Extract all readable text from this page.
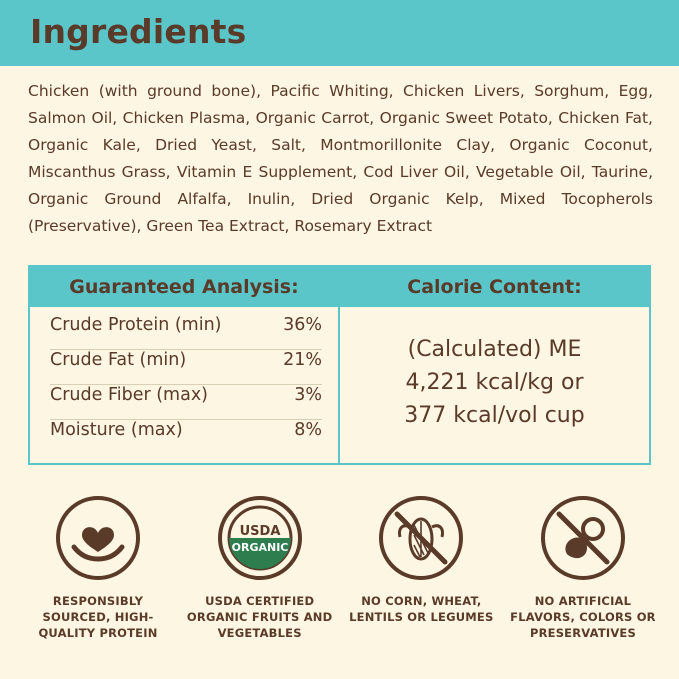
Ingredients
Chicken (with ground bone), Pacific Whiting, Chicken Livers, Sorghum, Egg, Salmon Oil, Chicken Plasma, Organic Carrot, Organic Sweet Potato, Chicken Fat, Organic Kale, Dried Yeast, Salt, Montmorillonite Clay, Organic Coconut, Miscanthus Grass, Vitamin E Supplement, Cod Liver Oil, Vegetable Oil, Taurine, Organic Ground Alfalfa, Inulin, Dried Organic Kelp, Mixed Tocopherols (Preservative), Green Tea Extract, Rosemary Extract
Guaranteed Analysis:
Crude Protein (min)	36%
Crude Fat (min)	21%
Crude Fiber (max)	3%
Moisture (max)	8%
Calorie Content:
(Calculated) ME
4,221 kcal/kg or
377 kcal/vol cup
RESPONSIBLY SOURCED, HIGH-QUALITY PROTEIN
USDA
ORGANIC
USDA CERTIFIED ORGANIC FRUITS AND VEGETABLES
NO CORN, WHEAT, LENTILS OR LEGUMES
NO ARTIFICIAL FLAVORS, COLORS OR PRESERVATIVES
